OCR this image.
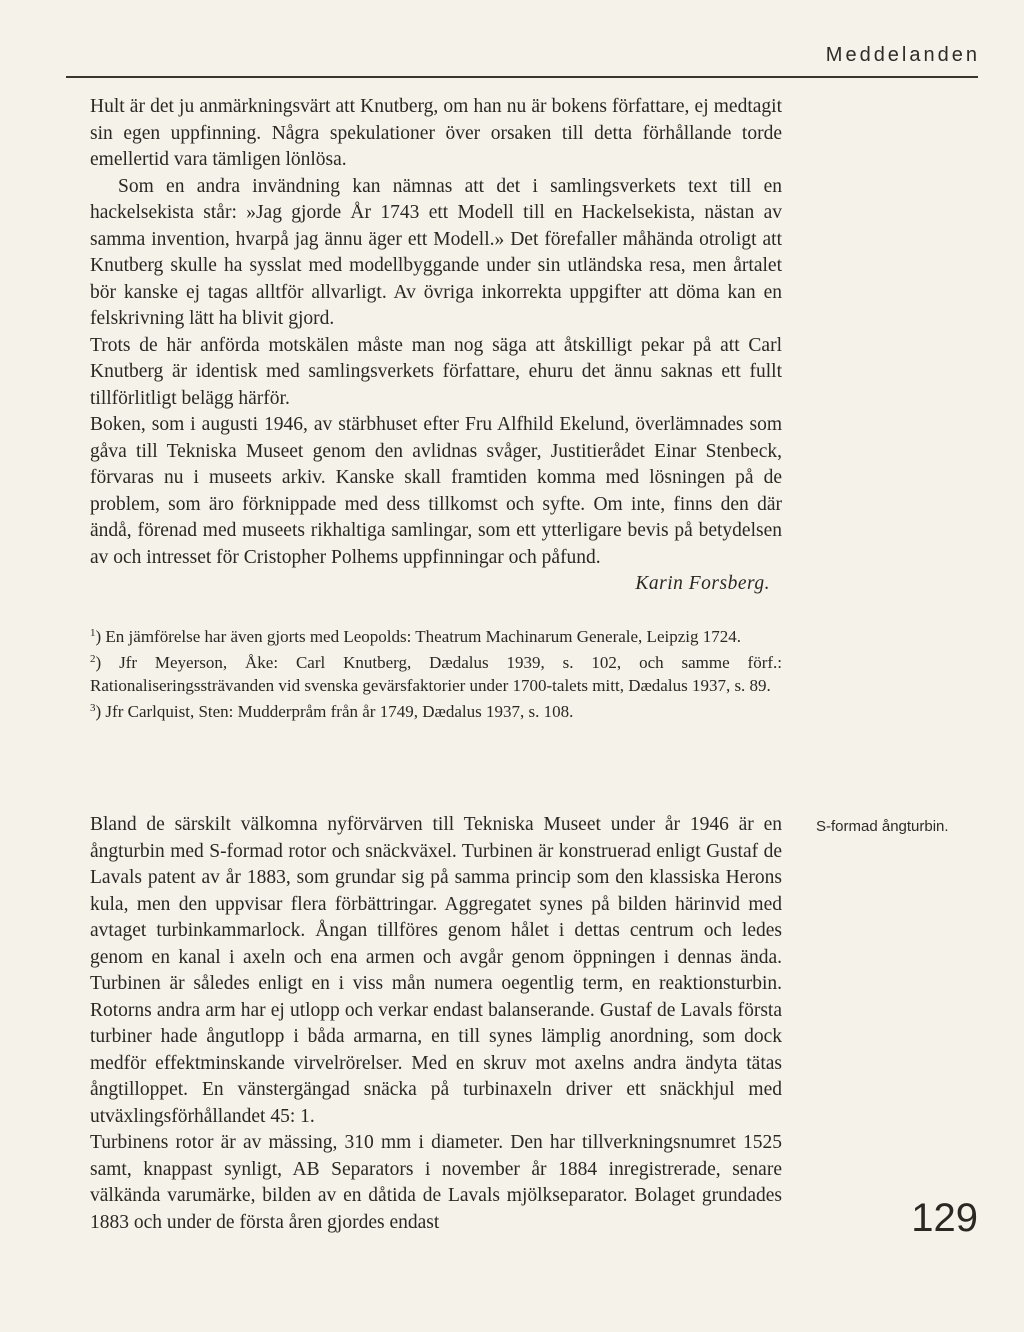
Meddelanden

Hult är det ju anmärkningsvärt att Knutberg, om han nu är bokens författare, ej medtagit sin egen uppfinning. Några spekulationer över orsaken till detta förhållande torde emellertid vara tämligen lönlösa.

Som en andra invändning kan nämnas att det i samlingsverkets text till en hackelsekista står: »Jag gjorde År 1743 ett Modell till en Hackelsekista, nästan av samma invention, hvarpå jag ännu äger ett Modell.» Det förefaller måhända otroligt att Knutberg skulle ha sysslat med modellbyggande under sin utländska resa, men årtalet bör kanske ej tagas alltför allvarligt. Av övriga inkorrekta uppgifter att döma kan en felskrivning lätt ha blivit gjord.

Trots de här anförda motskälen måste man nog säga att åtskilligt pekar på att Carl Knutberg är identisk med samlingsverkets författare, ehuru det ännu saknas ett fullt tillförlitligt belägg härför.

Boken, som i augusti 1946, av stärbhuset efter Fru Alfhild Ekelund, överlämnades som gåva till Tekniska Museet genom den avlidnas svåger, Justitierådet Einar Stenbeck, förvaras nu i museets arkiv. Kanske skall framtiden komma med lösningen på de problem, som äro förknippade med dess tillkomst och syfte. Om inte, finns den där ändå, förenad med museets rikhaltiga samlingar, som ett ytterligare bevis på betydelsen av och intresset för Cristopher Polhems uppfinningar och påfund.

Karin Forsberg.

$^1$) En jämförelse har även gjorts med Leopolds: Theatrum Machinarum Generale, Leipzig 1724.

$^2$) Jfr Meyerson, Åke: Carl Knutberg, Dædalus 1939, s. 102, och samme förf.: Rationaliseringssträvanden vid svenska gevärsfaktorier under 1700-talets mitt, Dædalus 1937, s. 89.

$^3$) Jfr Carlquist, Sten: Mudderpråm från år 1749, Dædalus 1937, s. 108.

S-formad ångturbin.

Bland de särskilt välkomna nyförvärven till Tekniska Museet under år 1946 är en ångturbin med S-formad rotor och snäckväxel. Turbinen är konstruerad enligt Gustaf de Lavals patent av år 1883, som grundar sig på samma princip som den klassiska Herons kula, men den uppvisar flera förbättringar. Aggregatet synes på bilden härinvid med avtaget turbinkammarlock. Ångan tillföres genom hålet i dettas centrum och ledes genom en kanal i axeln och ena armen och avgår genom öppningen i dennas ända. Turbinen är således enligt en i viss mån numera oegentlig term, en reaktionsturbin. Rotorns andra arm har ej utlopp och verkar endast balanserande. Gustaf de Lavals första turbiner hade ångutlopp i båda armarna, en till synes lämplig anordning, som dock medför effektminskande virvelrörelser. Med en skruv mot axelns andra ändyta tätas ångtilloppet. En vänstergängad snäcka på turbinaxeln driver ett snäckhjul med utväxlingsförhållandet 45: 1.

Turbinens rotor är av mässing, 310 mm i diameter. Den har tillverkningsnumret 1525 samt, knappast synligt, AB Separators i november år 1884 inregistrerade, senare välkända varumärke, bilden av en dåtida de Lavals mjölkseparator. Bolaget grundades 1883 och under de första åren gjordes endast	129
